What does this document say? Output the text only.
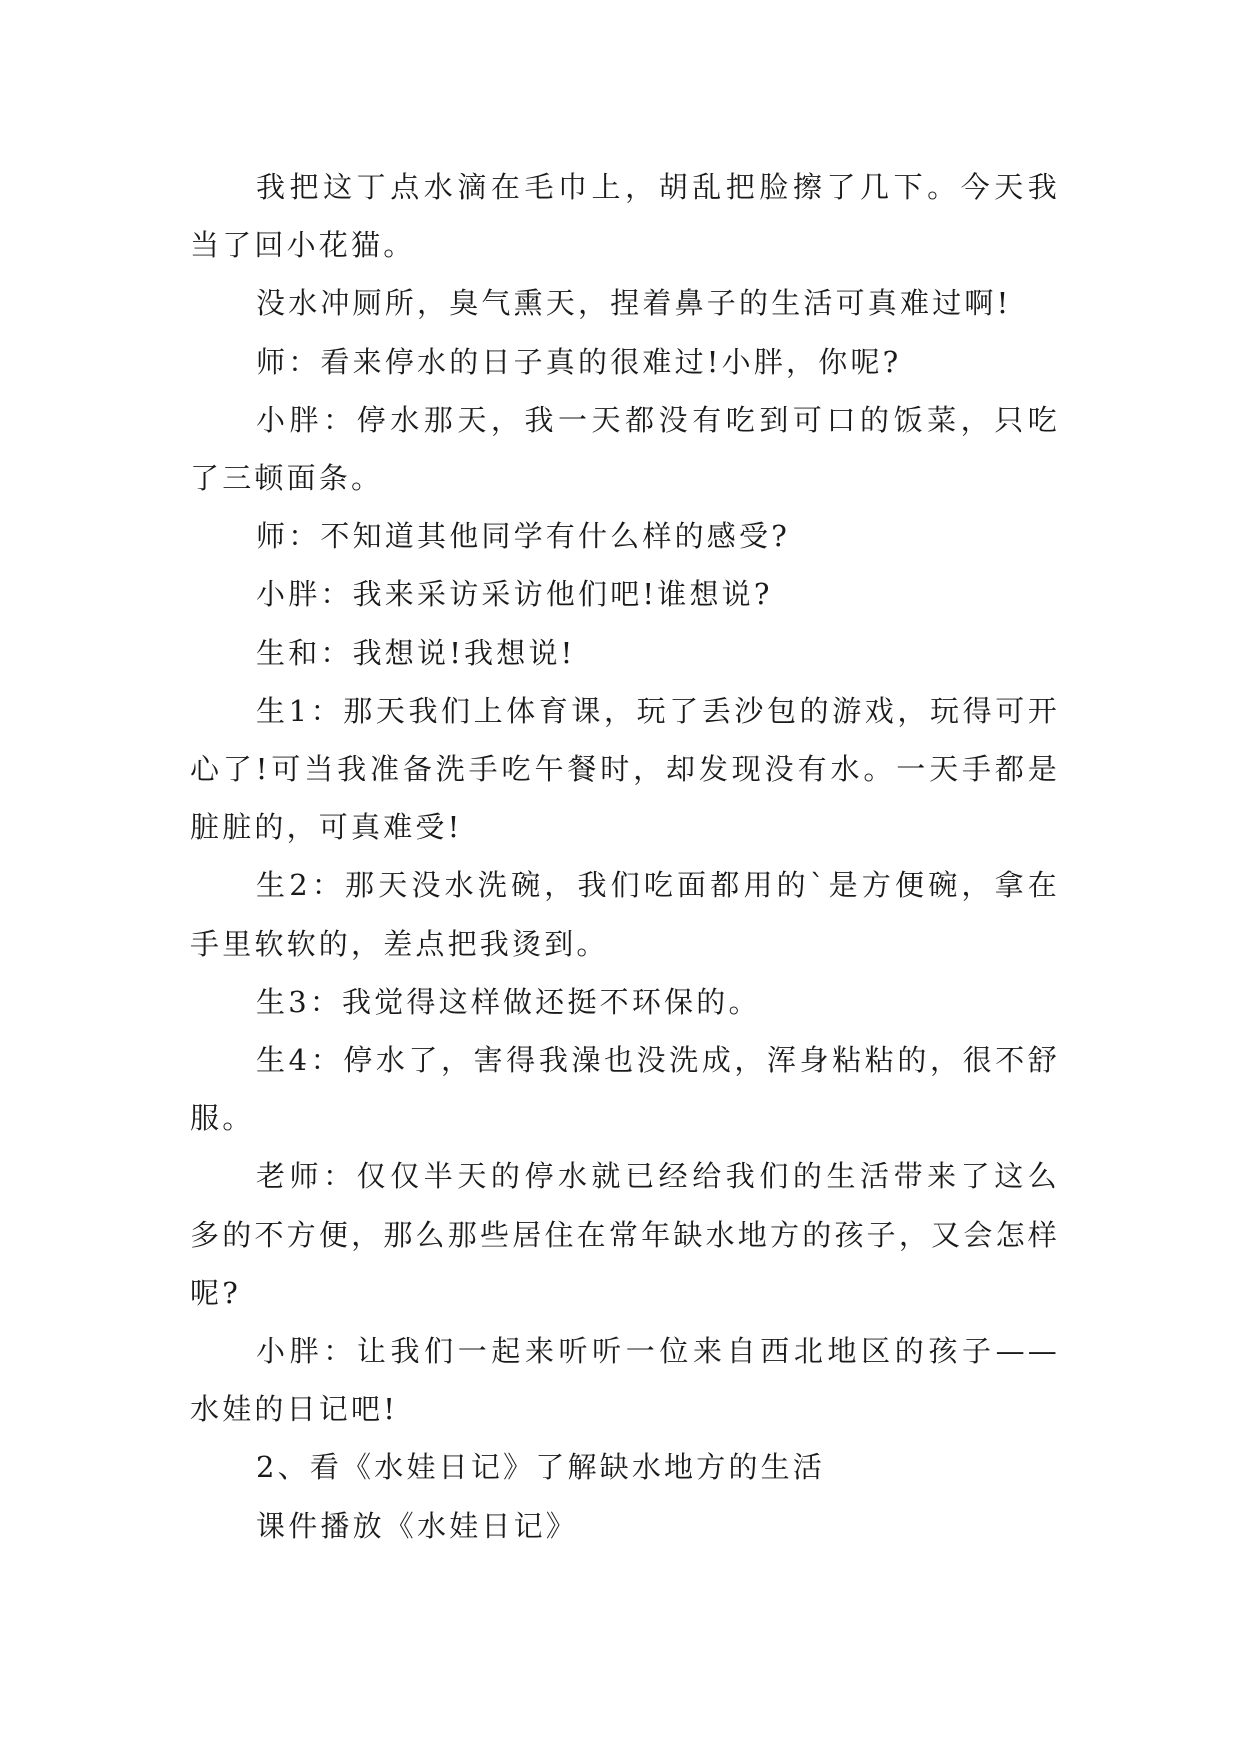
我把这丁点水滴在毛巾上，胡乱把脸擦了几下。今天我当了回小花猫。

没水冲厕所，臭气熏天，捏着鼻子的生活可真难过啊!

师：看来停水的日子真的很难过!小胖，你呢?

小胖：停水那天，我一天都没有吃到可口的饭菜，只吃了三顿面条。

师：不知道其他同学有什么样的感受?

小胖：我来采访采访他们吧!谁想说?

生和：我想说!我想说!

生1：那天我们上体育课，玩了丢沙包的游戏，玩得可开心了!可当我准备洗手吃午餐时，却发现没有水。一天手都是脏脏的，可真难受!

生2：那天没水洗碗，我们吃面都用的`是方便碗，拿在手里软软的，差点把我烫到。

生3：我觉得这样做还挺不环保的。

生4：停水了，害得我澡也没洗成，浑身粘粘的，很不舒服。

老师：仅仅半天的停水就已经给我们的生活带来了这么多的不方便，那么那些居住在常年缺水地方的孩子，又会怎样呢?

小胖：让我们一起来听听一位来自西北地区的孩子——水娃的日记吧!

2、看《水娃日记》了解缺水地方的生活

课件播放《水娃日记》
